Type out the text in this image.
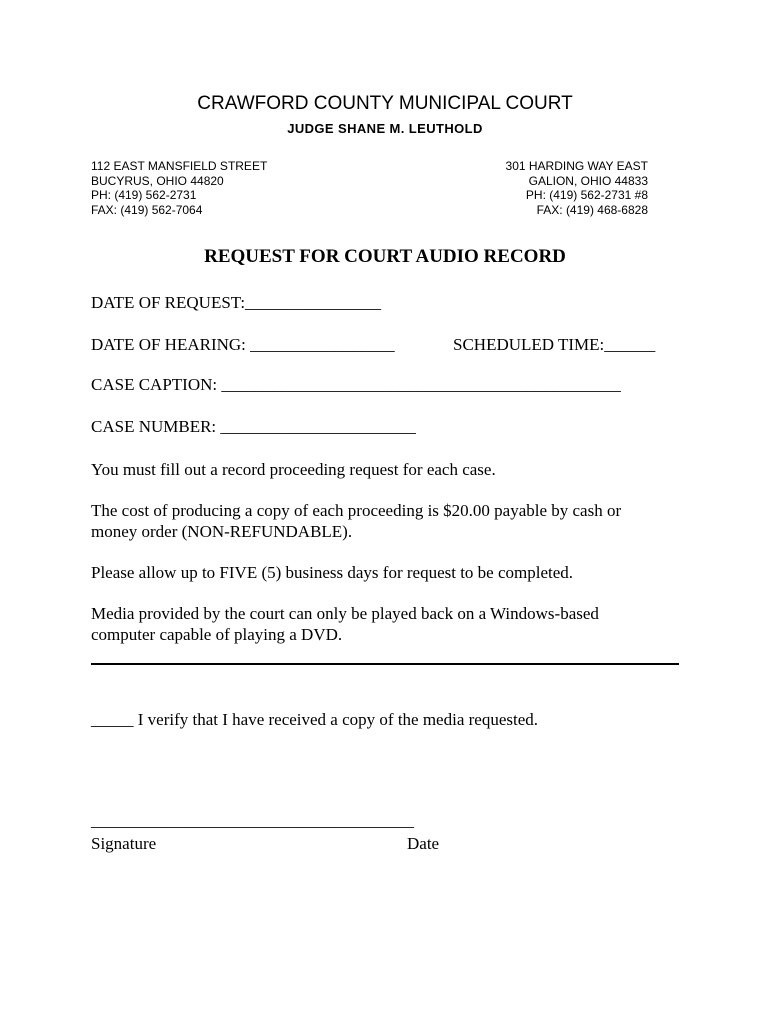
CRAWFORD COUNTY MUNICIPAL COURT
JUDGE SHANE M. LEUTHOLD
112 EAST MANSFIELD STREET
BUCYRUS, OHIO 44820
PH: (419) 562-2731
FAX: (419) 562-7064
301 HARDING WAY EAST
GALION, OHIO 44833
PH: (419) 562-2731 #8
FAX: (419) 468-6828
REQUEST FOR COURT AUDIO RECORD
DATE OF REQUEST:________________
DATE OF HEARING: _________________	SCHEDULED TIME:______
CASE CAPTION: _______________________________________________
CASE NUMBER: _______________________
You must fill out a record proceeding request for each case.
The cost of producing a copy of each proceeding is $20.00 payable by cash or
money order (NON-REFUNDABLE).
Please allow up to FIVE (5) business days for request to be completed.
Media provided by the court can only be played back on a Windows-based
computer capable of playing a DVD.
_____ I verify that I have received a copy of the media requested.
______________________________________
Signature	Date
